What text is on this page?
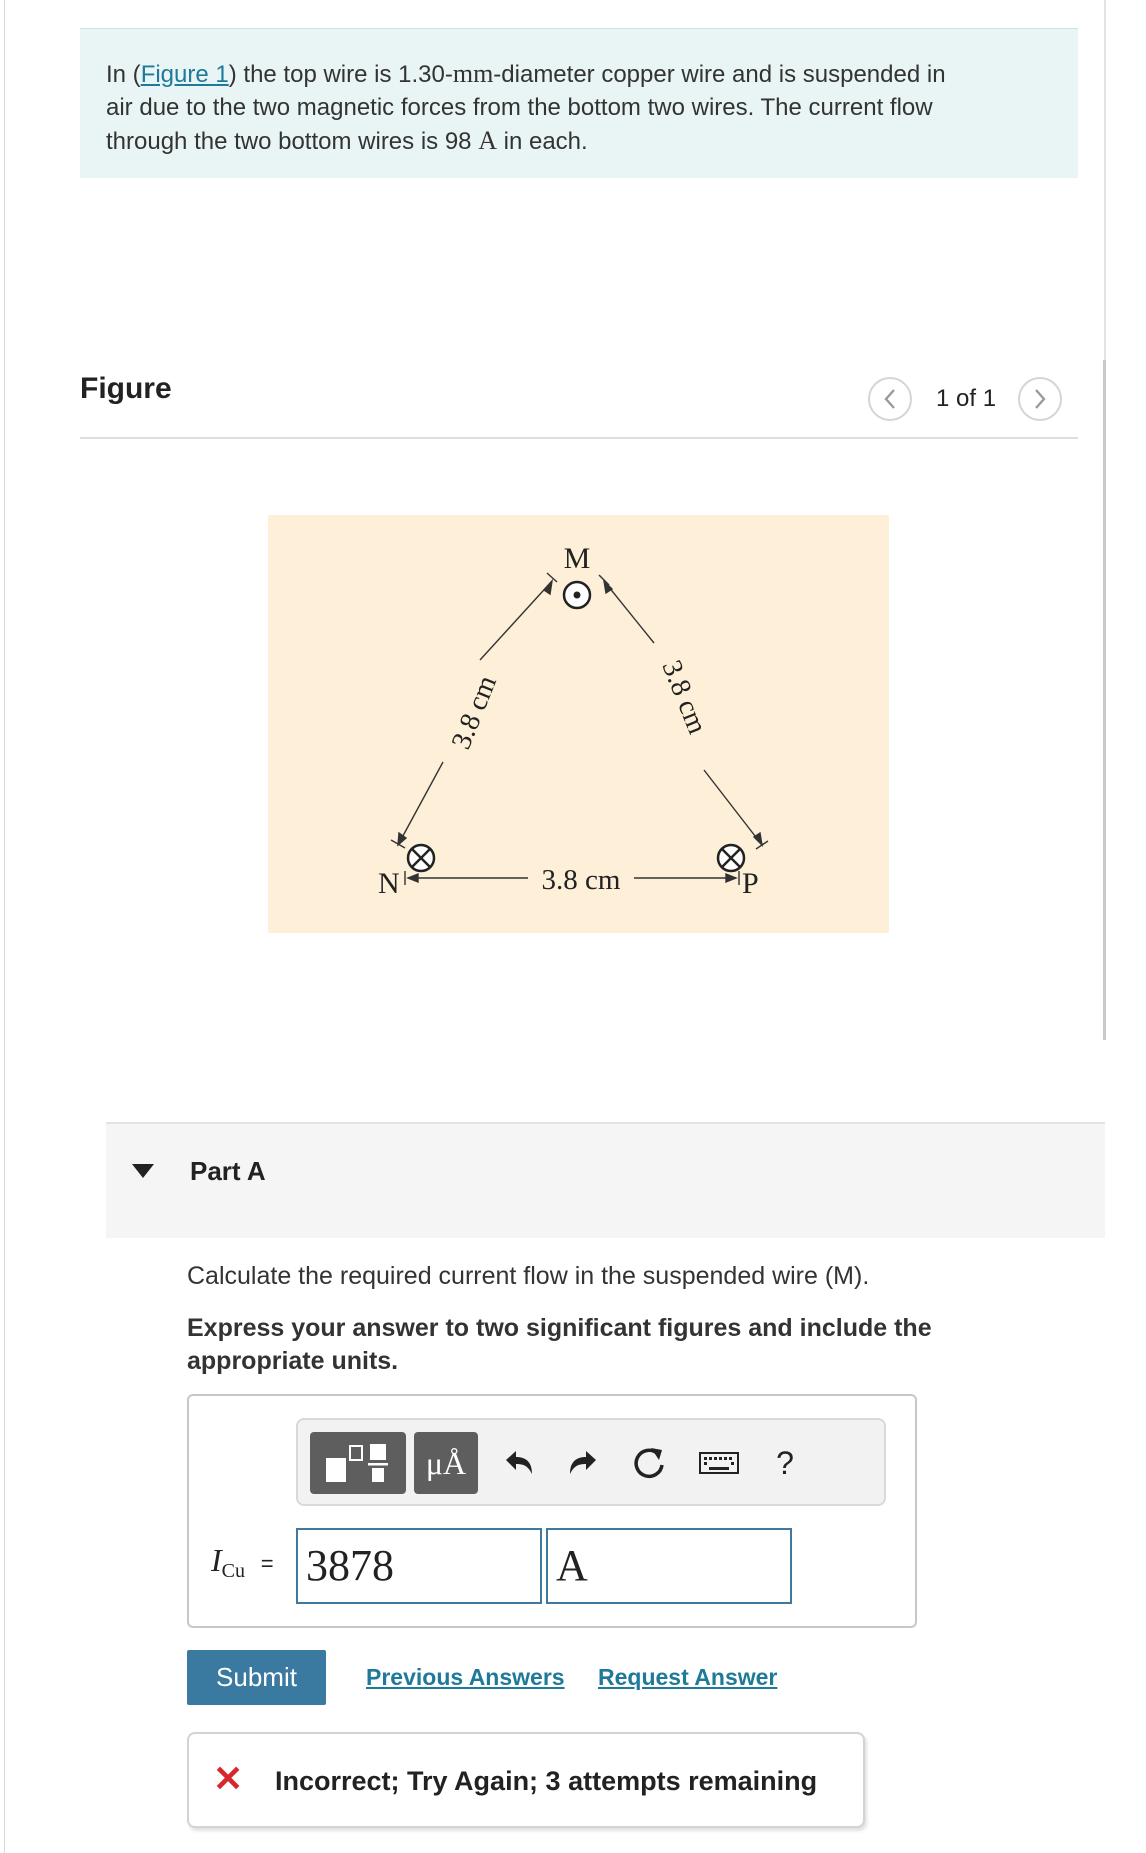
In (Figure 1) the top wire is 1.30-mm-diameter copper wire and is suspended in
air due to the two magnetic forces from the bottom two wires. The current flow
through the two bottom wires is 98 A in each.
Figure	1 of 1
M
N	P
3.8 cm	3.8 cm
3.8 cm
Part A
Calculate the required current flow in the suspended wire (M).
Express your answer to two significant figures and include the appropriate units.
μÅ	?
$I_{Cu} = 3878$	A
Submit	Previous Answers Request Answer
✕ Incorrect; Try Again; 3 attempts remaining
